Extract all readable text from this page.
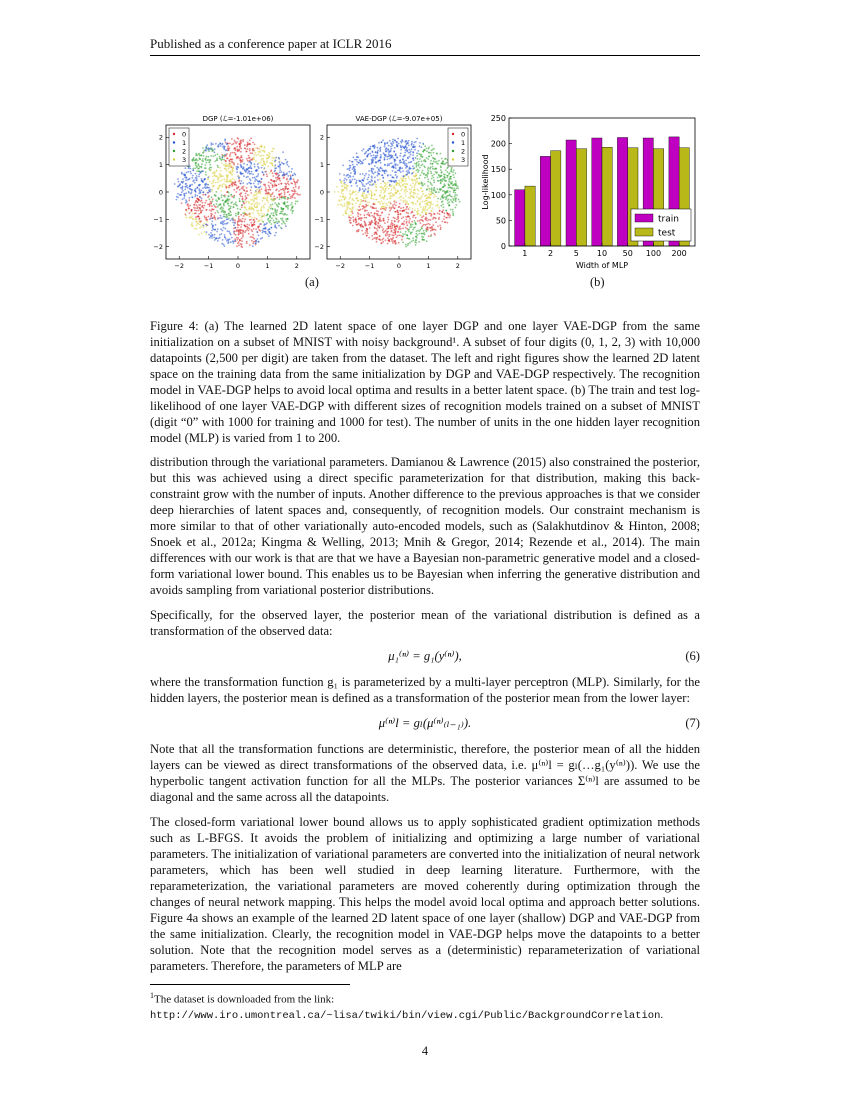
Published as a conference paper at ICLR 2016
DGP (ℒ=-1.01e+06)
−2	−1	0	1	2
2
1
0
−1
−2
0
1
2
3
VAE-DGP (ℒ=-9.07e+05)
−2	−1	0	1	2
2
1
0
−1
−2
0
1
2
3
1	2	5 10 50 100 200
0
50
100
150
200
250
Width of MLP
Log-likelihood
train
test
(a)	(b)
Figure 4: (a) The learned 2D latent space of one layer DGP and one layer VAE-DGP from the same initialization on a subset of MNIST with noisy background¹. A subset of four digits (0, 1, 2, 3) with 10,000 datapoints (2,500 per digit) are taken from the dataset. The left and right figures show the learned 2D latent space on the training data from the same initialization by DGP and VAE-DGP respectively. The recognition model in VAE-DGP helps to avoid local optima and results in a better latent space. (b) The train and test log-likelihood of one layer VAE-DGP with different sizes of recognition models trained on a subset of MNIST (digit “0” with 1000 for training and 1000 for test). The number of units in the one hidden layer recognition model (MLP) is varied from 1 to 200.

distribution through the variational parameters. Damianou & Lawrence (2015) also constrained the posterior, but this was achieved using a direct specific parameterization for that distribution, making this back-constraint grow with the number of inputs. Another difference to the previous approaches is that we consider deep hierarchies of latent spaces and, consequently, of recognition models. Our constraint mechanism is more similar to that of other variationally auto-encoded models, such as (Salakhutdinov & Hinton, 2008; Snoek et al., 2012a; Kingma & Welling, 2013; Mnih & Gregor, 2014; Rezende et al., 2014). The main differences with our work is that are that we have a Bayesian non-parametric generative model and a closed-form variational lower bound. This enables us to be Bayesian when inferring the generative distribution and avoids sampling from variational posterior distributions.

Specifically, for the observed layer, the posterior mean of the variational distribution is defined as a transformation of the observed data:

μ₁⁽ⁿ⁾ = g₁(y⁽ⁿ⁾),	(6)

where the transformation function g₁ is parameterized by a multi-layer perceptron (MLP). Similarly, for the hidden layers, the posterior mean is defined as a transformation of the posterior mean from the lower layer:

μ⁽ⁿ⁾l = gₗ(μ⁽ⁿ⁾₍ₗ₋₁₎).	(7)

Note that all the transformation functions are deterministic, therefore, the posterior mean of all the hidden layers can be viewed as direct transformations of the observed data, i.e. μ⁽ⁿ⁾l = gₗ(…g₁(y⁽ⁿ⁾)). We use the hyperbolic tangent activation function for all the MLPs. The posterior variances Σ⁽ⁿ⁾l are assumed to be diagonal and the same across all the datapoints.

The closed-form variational lower bound allows us to apply sophisticated gradient optimization methods such as L-BFGS. It avoids the problem of initializing and optimizing a large number of variational parameters. The initialization of variational parameters are converted into the initialization of neural network parameters, which has been well studied in deep learning literature. Furthermore, with the reparameterization, the variational parameters are moved coherently during optimization through the changes of neural network mapping. This helps the model avoid local optima and approach better solutions. Figure 4a shows an example of the learned 2D latent space of one layer (shallow) DGP and VAE-DGP from the same initialization. Clearly, the recognition model in VAE-DGP helps move the datapoints to a better solution. Note that the recognition model serves as a (deterministic) reparameterization of variational parameters. Therefore, the parameters of MLP are

$^1$The dataset is downloaded from the link: http://www.iro.umontreal.ca/~lisa/twiki/bin/view.cgi/Public/BackgroundCorrelation.
4
